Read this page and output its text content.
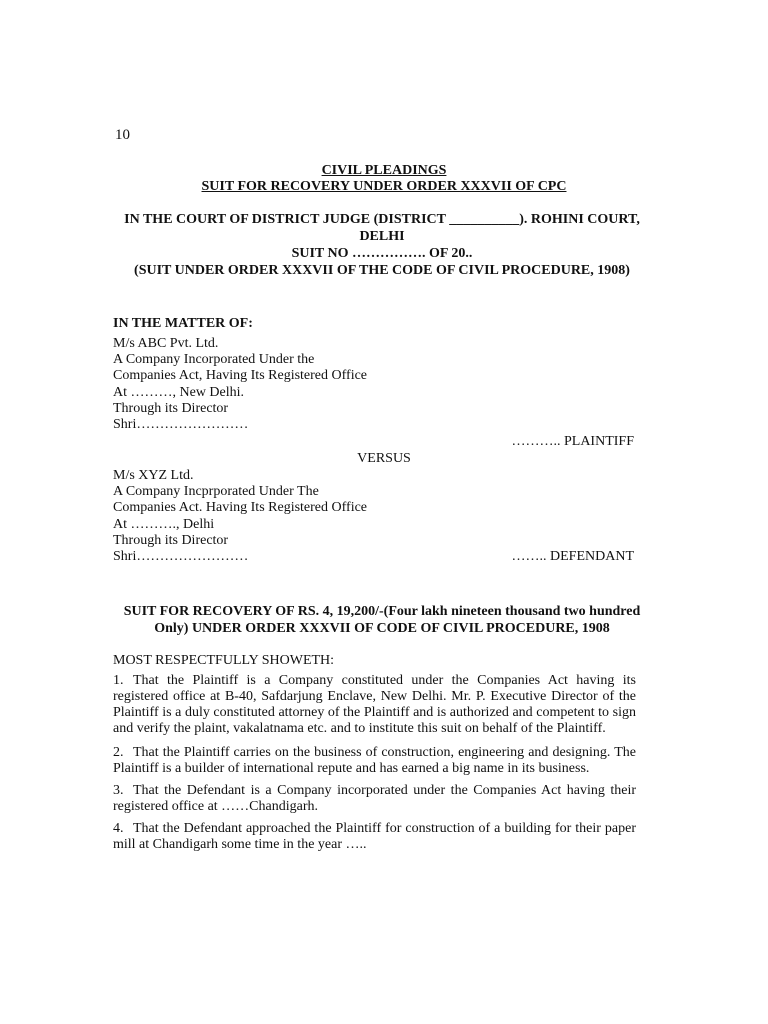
10
CIVIL PLEADINGS
SUIT FOR RECOVERY UNDER ORDER XXXVII OF CPC
IN THE COURT OF DISTRICT JUDGE (DISTRICT __________). ROHINI COURT,
DELHI
SUIT NO ……………. OF 20..
(SUIT UNDER ORDER XXXVII OF THE CODE OF CIVIL PROCEDURE, 1908)
IN THE MATTER OF:
M/s ABC Pvt. Ltd.
A Company Incorporated Under the
Companies Act, Having Its Registered Office
At ………, New Delhi.
Through its Director
Shri……………………
……….. PLAINTIFF
VERSUS
M/s XYZ Ltd.
A Company Incprporated Under The
Companies Act. Having Its Registered Office
At ………., Delhi
Through its Director
Shri……………………	…….. DEFENDANT
SUIT FOR RECOVERY OF RS. 4, 19,200/-(Four lakh nineteen thousand two hundred
Only) UNDER ORDER XXXVII OF CODE OF CIVIL PROCEDURE, 1908
MOST RESPECTFULLY SHOWETH:
1. That the Plaintiff is a Company constituted under the Companies Act having its registered office at B-40, Safdarjung Enclave, New Delhi. Mr. P. Executive Director of the Plaintiff is a duly constituted attorney of the Plaintiff and is authorized and competent to sign and verify the plaint, vakalatnama etc. and to institute this suit on behalf of the Plaintiff.
2. That the Plaintiff carries on the business of construction, engineering and designing. The Plaintiff is a builder of international repute and has earned a big name in its business.
3. That the Defendant is a Company incorporated under the Companies Act having their registered office at ……Chandigarh.
4. That the Defendant approached the Plaintiff for construction of a building for their paper mill at Chandigarh some time in the year …..
